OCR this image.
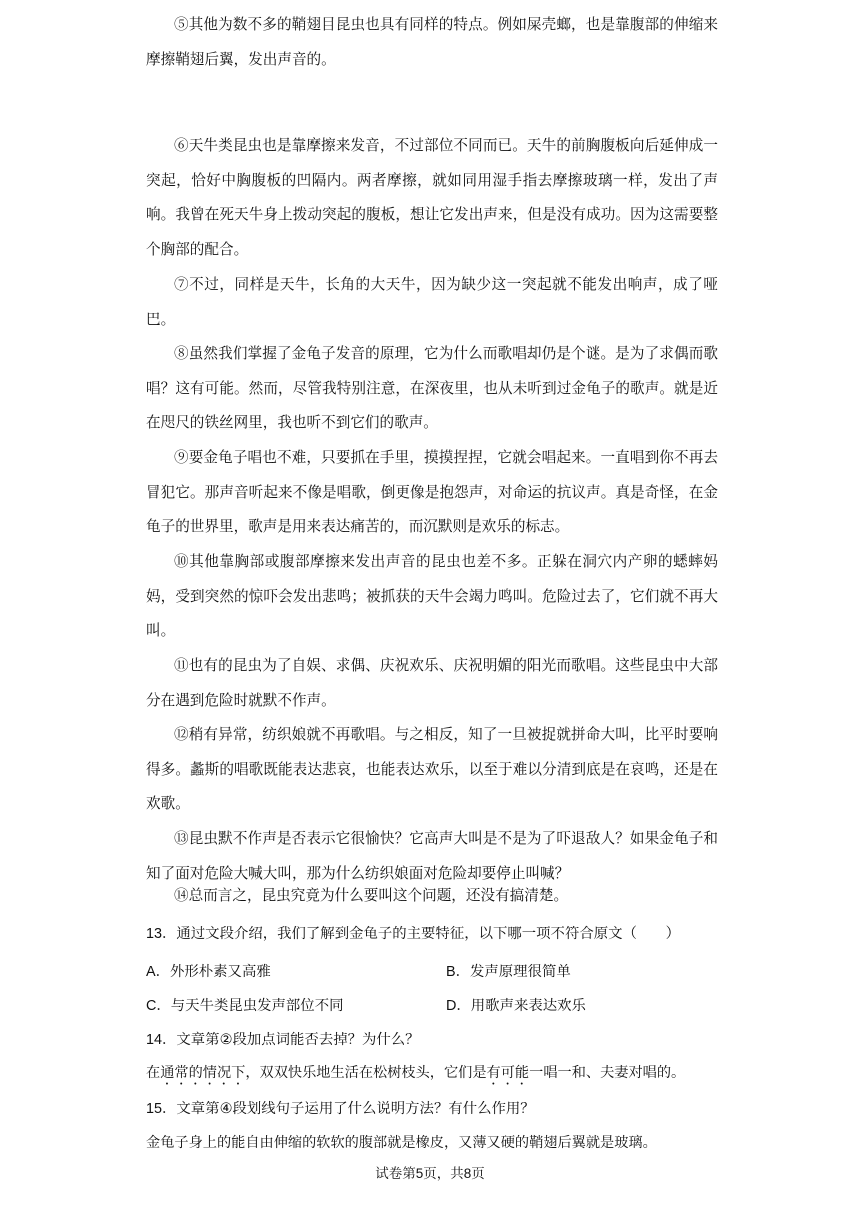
⑤其他为数不多的鞘翅目昆虫也具有同样的特点。例如屎壳螂，也是靠腹部的伸缩来摩擦鞘翅后翼，发出声音的。
⑥天牛类昆虫也是靠摩擦来发音，不过部位不同而已。天牛的前胸腹板向后延伸成一突起，恰好中胸腹板的凹隔内。两者摩擦，就如同用湿手指去摩擦玻璃一样，发出了声响。我曾在死天牛身上拨动突起的腹板，想让它发出声来，但是没有成功。因为这需要整个胸部的配合。
⑦不过，同样是天牛，长角的大天牛，因为缺少这一突起就不能发出响声，成了哑巴。
⑧虽然我们掌握了金龟子发音的原理，它为什么而歌唱却仍是个谜。是为了求偶而歌唱？这有可能。然而，尽管我特别注意，在深夜里，也从未听到过金龟子的歌声。就是近在咫尺的铁丝网里，我也听不到它们的歌声。
⑨要金龟子唱也不难，只要抓在手里，摸摸捏捏，它就会唱起来。一直唱到你不再去冒犯它。那声音听起来不像是唱歌，倒更像是抱怨声，对命运的抗议声。真是奇怪，在金龟子的世界里，歌声是用来表达痛苦的，而沉默则是欢乐的标志。
⑩其他靠胸部或腹部摩擦来发出声音的昆虫也差不多。正躲在洞穴内产卵的蟋蟀妈妈，受到突然的惊吓会发出悲鸣；被抓获的天牛会竭力鸣叫。危险过去了，它们就不再大叫。
⑪也有的昆虫为了自娱、求偶、庆祝欢乐、庆祝明媚的阳光而歌唱。这些昆虫中大部分在遇到危险时就默不作声。
⑫稍有异常，纺织娘就不再歌唱。与之相反，知了一旦被捉就拼命大叫，比平时要响得多。蠡斯的唱歌既能表达悲哀，也能表达欢乐，以至于难以分清到底是在哀鸣，还是在欢歌。
⑬昆虫默不作声是否表示它很愉快？它高声大叫是不是为了吓退敌人？如果金龟子和知了面对危险大喊大叫，那为什么纺织娘面对危险却要停止叫喊？
⑭总而言之，昆虫究竟为什么要叫这个问题，还没有搞清楚。
13．通过文段介绍，我们了解到金龟子的主要特征，以下哪一项不符合原文（　　）
A．外形朴素又高雅	B．发声原理很简单
C．与天牛类昆虫发声部位不同	D．用歌声来表达欢乐
14．文章第②段加点词能否去掉？为什么？
在通常的情况下，双双快乐地生活在松树枝头，它们是有可能一唱一和、夫妻对唱的。
15．文章第④段划线句子运用了什么说明方法？有什么作用？
金龟子身上的能自由伸缩的软软的腹部就是橡皮，又薄又硬的鞘翅后翼就是玻璃。
试卷第5页，共8页
